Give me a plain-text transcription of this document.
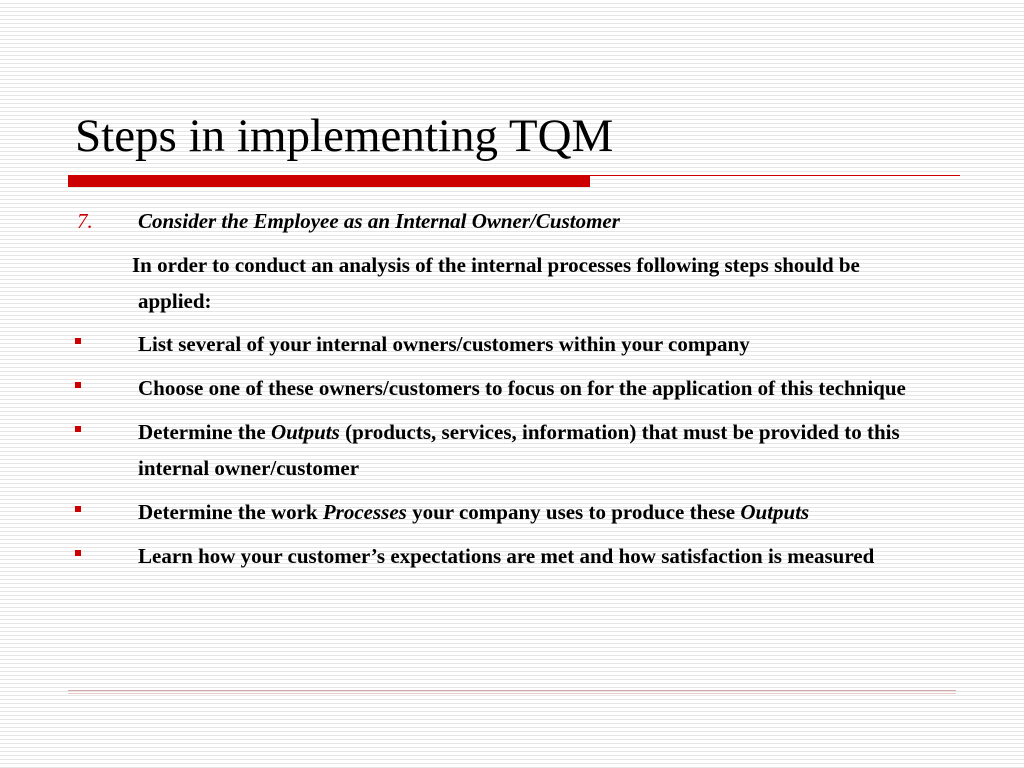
Steps in implementing TQM
7. Consider the Employee as an Internal Owner/Customer

In order to conduct an analysis of the internal processes following steps should be applied:

List several of your internal owners/customers within your company
Choose one of these owners/customers to focus on for the application of this technique
Determine the Outputs (products, services, information) that must be provided to this internal owner/customer
Determine the work Processes your company uses to produce these Outputs
Learn how your customer’s expectations are met and how satisfaction is measured
